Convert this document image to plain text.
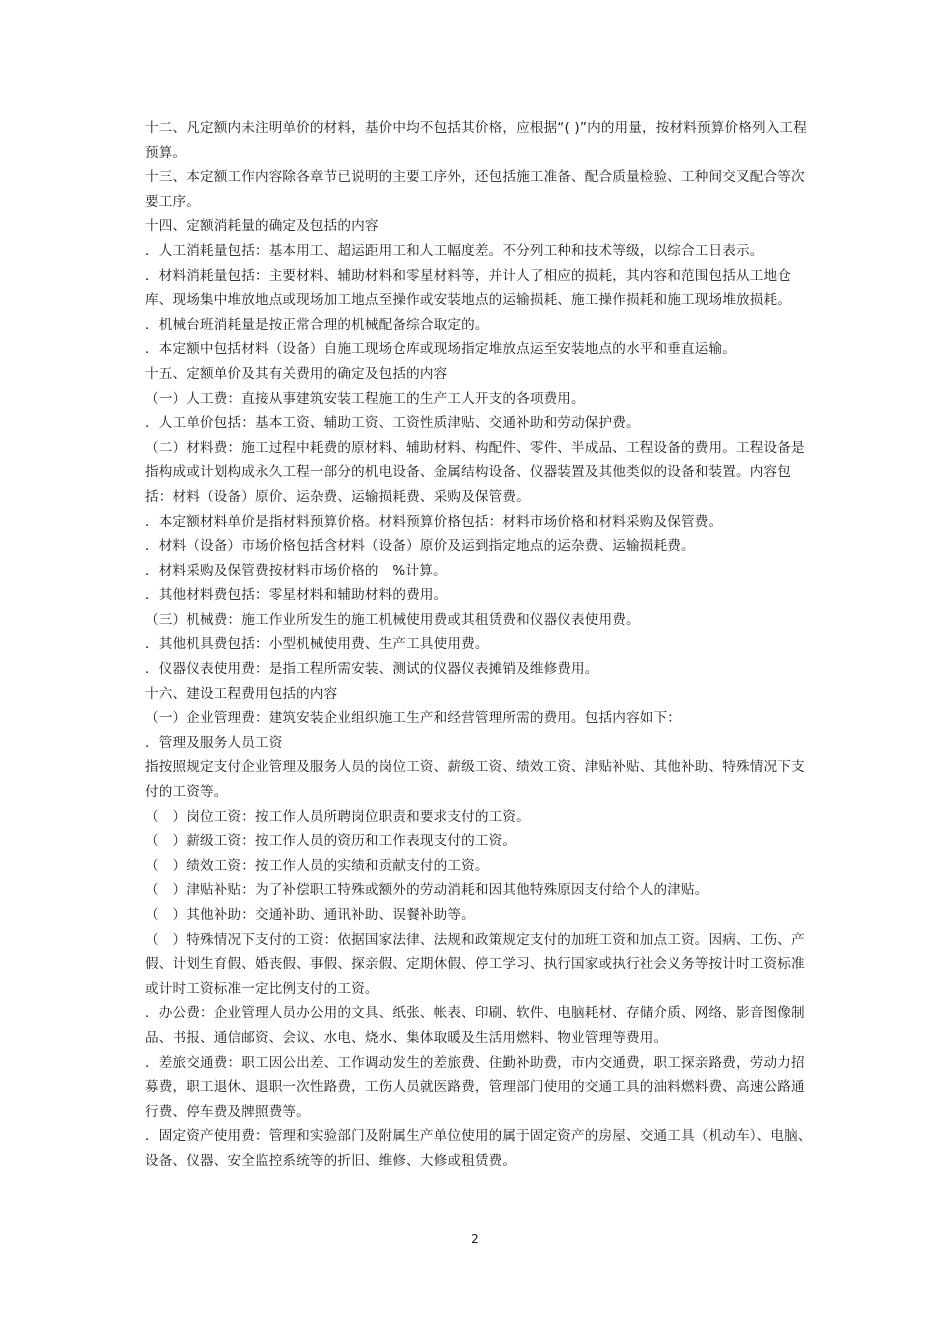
十二、凡定额内未注明单价的材料，基价中均不包括其价格，应根据“( )”内的用量，按材料预算价格列入工程预算。

十三、本定额工作内容除各章节已说明的主要工序外，还包括施工准备、配合质量检验、工种间交叉配合等次要工序。

十四、定额消耗量的确定及包括的内容

．人工消耗量包括：基本用工、超运距用工和人工幅度差。不分列工种和技术等级，以综合工日表示。

．材料消耗量包括：主要材料、辅助材料和零星材料等，并计人了相应的损耗，其内容和范围包括从工地仓库、现场集中堆放地点或现场加工地点至操作或安装地点的运输损耗、施工操作损耗和施工现场堆放损耗。

．机械台班消耗量是按正常合理的机械配备综合取定的。

．本定额中包括材料（设备）自施工现场仓库或现场指定堆放点运至安装地点的水平和垂直运输。

十五、定额单价及其有关费用的确定及包括的内容

（一）人工费：直接从事建筑安装工程施工的生产工人开支的各项费用。

．人工单价包括：基本工资、辅助工资、工资性质津贴、交通补助和劳动保护费。

（二）材料费：施工过程中耗费的原材料、辅助材料、构配件、零件、半成品、工程设备的费用。工程设备是指构成或计划构成永久工程一部分的机电设备、金属结构设备、仪器装置及其他类似的设备和装置。内容包括：材料（设备）原价、运杂费、运输损耗费、采购及保管费。

．本定额材料单价是指材料预算价格。材料预算价格包括：材料市场价格和材料采购及保管费。

．材料（设备）市场价格包括含材料（设备）原价及运到指定地点的运杂费、运输损耗费。

．材料采购及保管费按材料市场价格的　%计算。

．其他材料费包括：零星材料和辅助材料的费用。

（三）机械费：施工作业所发生的施工机械使用费或其租赁费和仪器仪表使用费。

．其他机具费包括：小型机械使用费、生产工具使用费。

．仪器仪表使用费：是指工程所需安装、测试的仪器仪表摊销及维修费用。

十六、建设工程费用包括的内容

（一）企业管理费：建筑安装企业组织施工生产和经营管理所需的费用。包括内容如下：

．管理及服务人员工资

指按照规定支付企业管理及服务人员的岗位工资、薪级工资、绩效工资、津贴补贴、其他补助、特殊情况下支付的工资等。

（　）岗位工资：按工作人员所聘岗位职责和要求支付的工资。

（　）薪级工资：按工作人员的资历和工作表现支付的工资。

（　）绩效工资：按工作人员的实绩和贡献支付的工资。

（　）津贴补贴：为了补偿职工特殊或额外的劳动消耗和因其他特殊原因支付给个人的津贴。

（　）其他补助：交通补助、通讯补助、误餐补助等。

（　）特殊情况下支付的工资：依据国家法律、法规和政策规定支付的加班工资和加点工资。因病、工伤、产假、计划生育假、婚丧假、事假、探亲假、定期休假、停工学习、执行国家或执行社会义务等按计时工资标准或计时工资标准一定比例支付的工资。

．办公费：企业管理人员办公用的文具、纸张、帐表、印刷、软件、电脑耗材、存储介质、网络、影音图像制品、书报、通信邮资、会议、水电、烧水、集体取暖及生活用燃料、物业管理等费用。

．差旅交通费：职工因公出差、工作调动发生的差旅费、住勤补助费，市内交通费，职工探亲路费，劳动力招募费，职工退休、退职一次性路费，工伤人员就医路费，管理部门使用的交通工具的油料燃料费、高速公路通行费、停车费及牌照费等。

．固定资产使用费：管理和实验部门及附属生产单位使用的属于固定资产的房屋、交通工具（机动车）、电脑、设备、仪器、安全监控系统等的折旧、维修、大修或租赁费。

2
